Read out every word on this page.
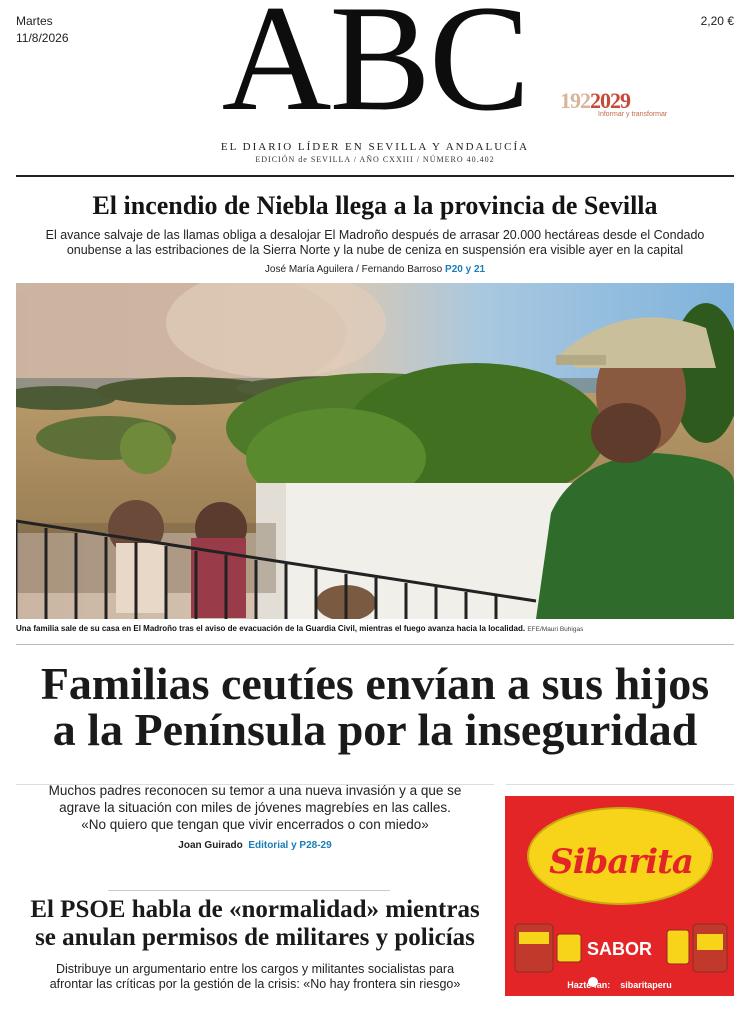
Martes
11/8/2026
2,20 €
ABC	1922029
Informar y transformar
EL DIARIO LÍDER EN SEVILLA Y ANDALUCÍA
EDICIÓN de SEVILLA / AÑO CXXIII / NÚMERO 40.402
El incendio de Niebla llega a la provincia de Sevilla
El avance salvaje de las llamas obliga a desalojar El Madroño después de arrasar 20.000 hectáreas desde el Condado onubense a las estribaciones de la Sierra Norte y la nube de ceniza en suspensión era visible ayer en la capital
José María Aguilera / Fernando Barroso P20 y 21
Una familia sale de su casa en El Madroño tras el aviso de evacuación de la Guardia Civil, mientras el fuego avanza hacia la localidad. EFE/Mauri Buhigas
Familias ceutíes envían a sus hijos
a la Península por la inseguridad
Muchos padres reconocen su temor a una nueva invasión y a que se
agrave la situación con miles de jóvenes magrebíes en las calles.
«No quiero que tengan que vivir encerrados o con miedo»
Joan Guirado Editorial y P28-29
El PSOE habla de «normalidad» mientras
se anulan permisos de militares y policías
Distribuye un argumentario entre los cargos y militantes socialistas para
afrontar las críticas por la gestión de la crisis: «No hay frontera sin riesgo»
Sibarita
SABOR
Hazte fan: sibaritaperu
